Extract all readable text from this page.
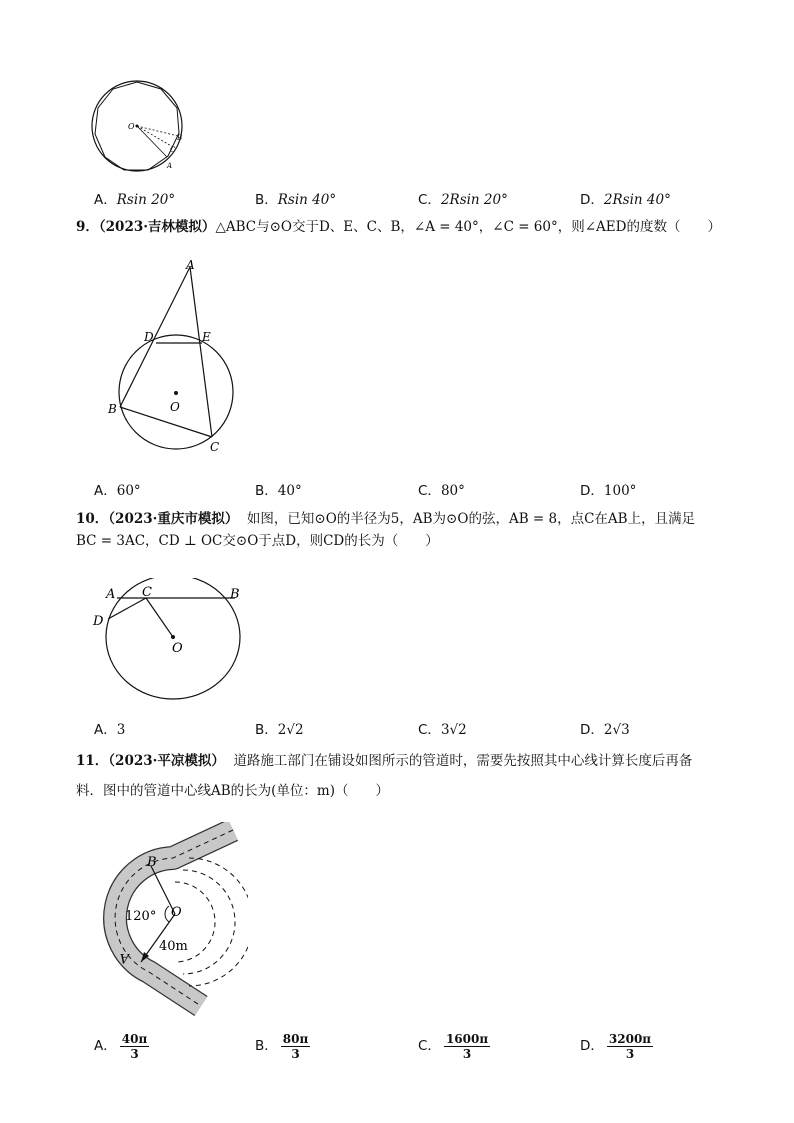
O
B
C
A
A．Rsin 20°	B．Rsin 40°	C．2Rsin 20°	D．2Rsin 40°
9．（2023·吉林模拟）△ABC与⊙O交于D、E、C、B，∠A = 40°，∠C = 60°，则∠AED的度数（　　）
A
D	E
B	O
C
A．60°	B．40°	C．80°	D．100°
10．（2023·重庆市模拟） 如图，已知⊙O的半径为5，AB为⊙O的弦，AB = 8，点C在AB上，且满足
BC = 3AC，CD ⊥ OC交⊙O于点D，则CD的长为（　　）
A C	B
D
O
A．3	B．2√2	C．3√2	D．2√3
11．（2023·平凉模拟） 道路施工部门在铺设如图所示的管道时，需要先按照其中心线计算长度后再备
料．图中的管道中心线AB的长为(单位：m)（　　）
B
O
A
120°
40m
A． $\frac{40\pi}{3}$	B． $\frac{80\pi}{3}$	C． $\frac{1600\pi}{3}$	D． $\frac{3200\pi}{3}$
